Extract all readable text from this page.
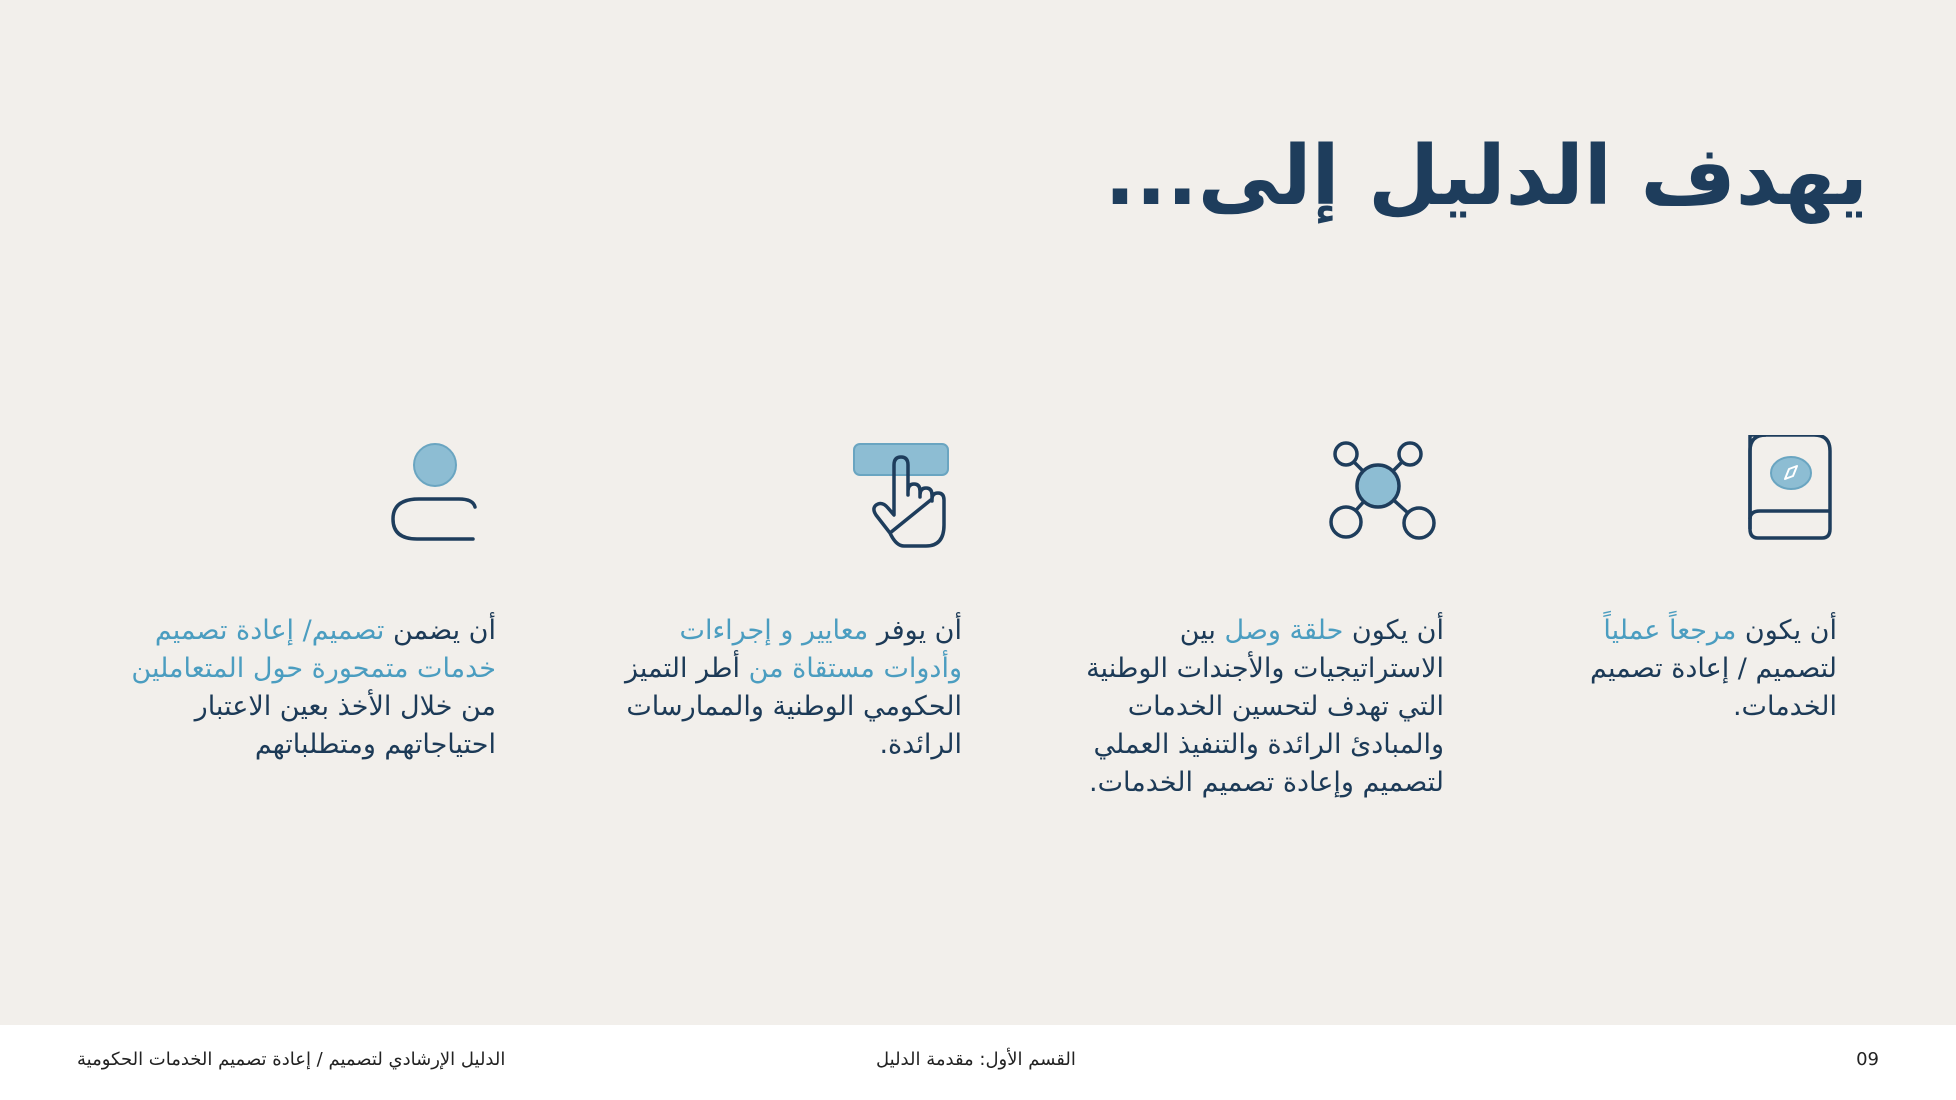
يهدف الدليل إلى...

أن يكون مرجعاً عملياً لتصميم / إعادة تصميم الخدمات.

أن يكون حلقة وصل بين الاستراتيجيات والأجندات الوطنية التي تهدف لتحسين الخدمات والمبادئ الرائدة والتنفيذ العملي لتصميم وإعادة تصميم الخدمات.

أن يوفر معايير و إجراءات وأدوات مستقاة من أطر التميز الحكومي الوطنية والممارسات الرائدة.

أن يضمن تصميم/ إعادة تصميم خدمات متمحورة حول المتعاملين من خلال الأخذ بعين الاعتبار احتياجاتهم ومتطلباتهم

09
القسم الأول: مقدمة الدليل
الدليل الإرشادي لتصميم / إعادة تصميم الخدمات الحكومية
